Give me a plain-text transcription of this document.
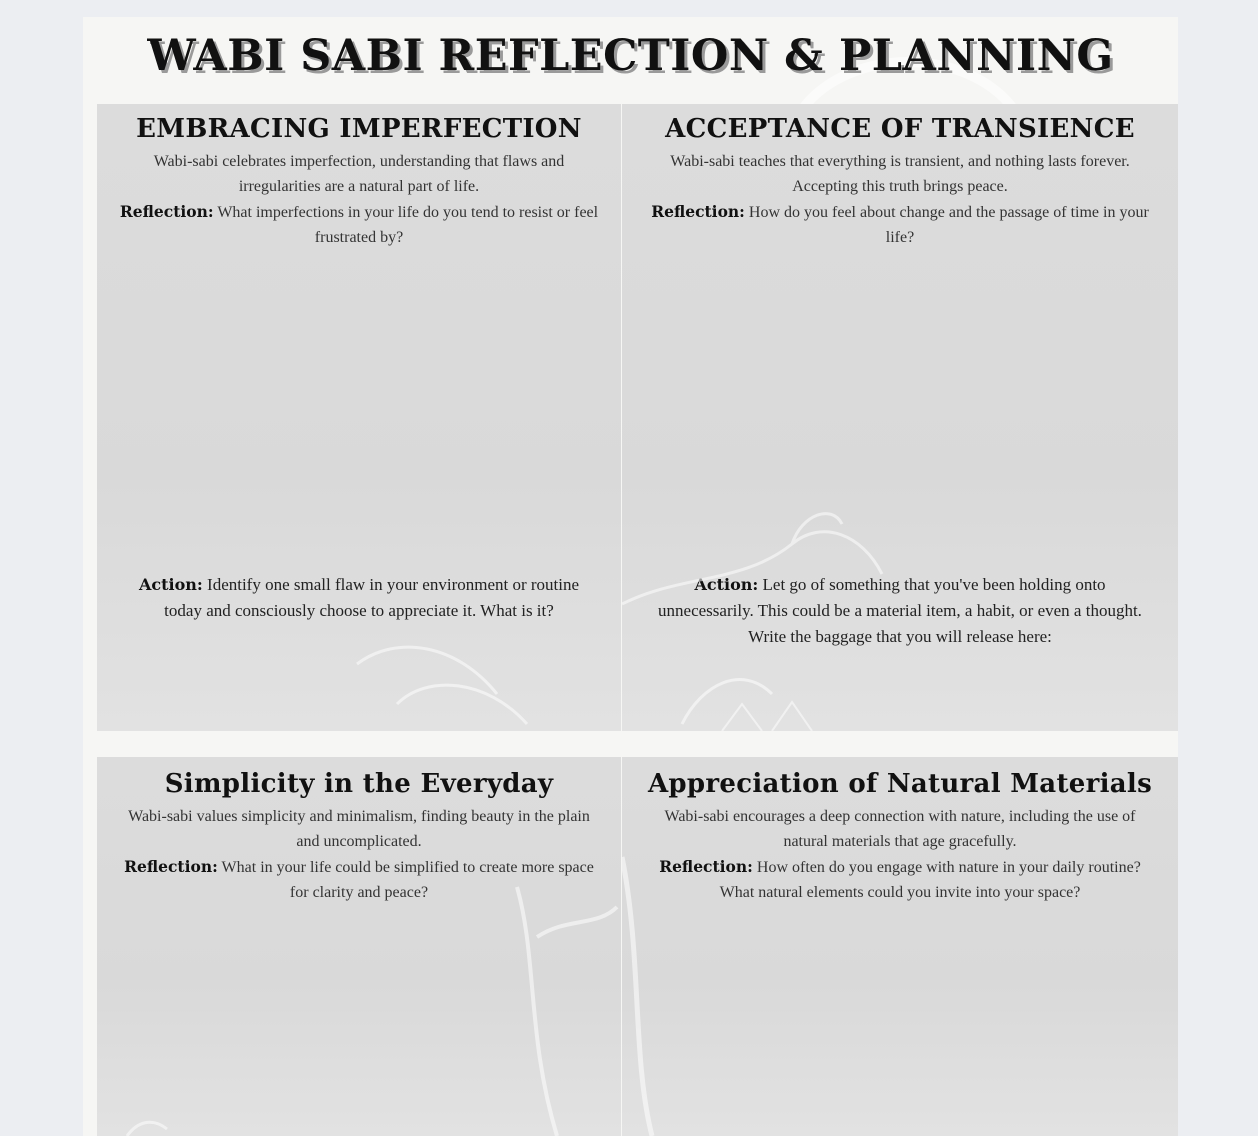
WABI SABI REFLECTION & PLANNING
EMBRACING IMPERFECTION

Wabi-sabi celebrates imperfection, understanding that flaws and irregularities are a natural part of life.

Reflection: What imperfections in your life do you tend to resist or feel frustrated by?

Action: Identify one small flaw in your environment or routine today and consciously choose to appreciate it. What is it?
ACCEPTANCE OF TRANSIENCE

Wabi-sabi teaches that everything is transient, and nothing lasts forever. Accepting this truth brings peace.

Reflection: How do you feel about change and the passage of time in your life?

Action: Let go of something that you've been holding onto unnecessarily. This could be a material item, a habit, or even a thought. Write the baggage that you will release here:
Simplicity in the Everyday

Wabi-sabi values simplicity and minimalism, finding beauty in the plain and uncomplicated.

Reflection: What in your life could be simplified to create more space for clarity and peace?

Appreciation of Natural Materials

Wabi-sabi encourages a deep connection with nature, including the use of natural materials that age gracefully.

Reflection: How often do you engage with nature in your daily routine? What natural elements could you invite into your space?
